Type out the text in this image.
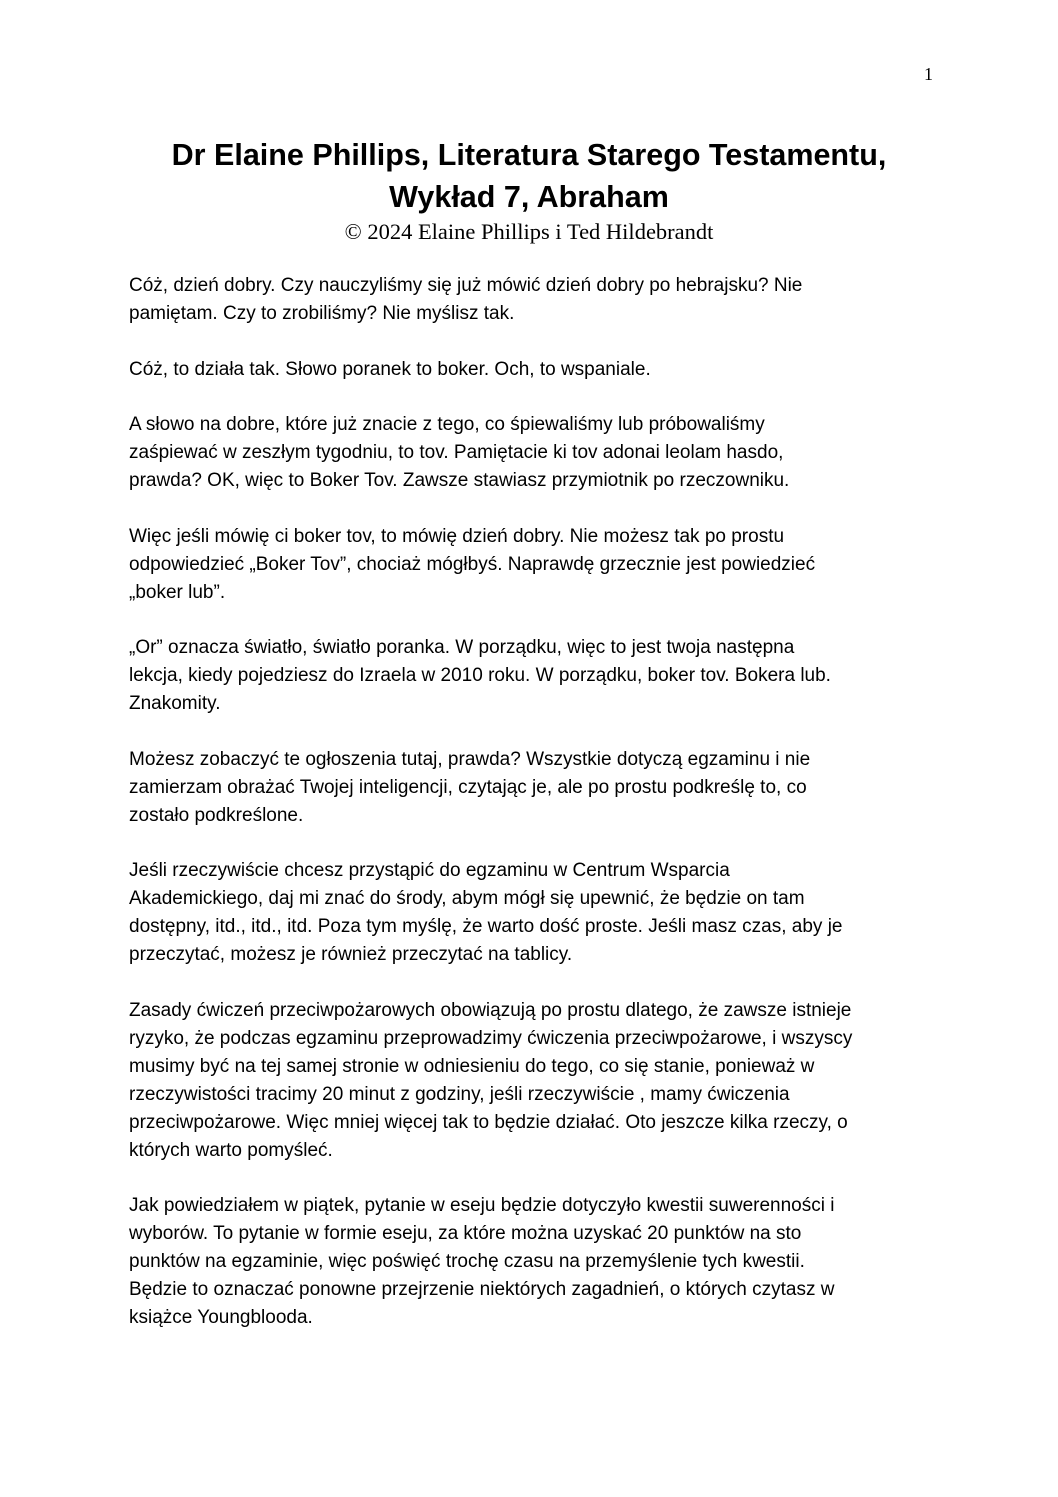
1
Dr Elaine Phillips, Literatura Starego Testamentu,
Wykład 7, Abraham
© 2024 Elaine Phillips i Ted Hildebrandt

Cóż, dzień dobry. Czy nauczyliśmy się już mówić dzień dobry po hebrajsku? Nie
pamiętam. Czy to zrobiliśmy? Nie myślisz tak.

Cóż, to działa tak. Słowo poranek to boker. Och, to wspaniale.

A słowo na dobre, które już znacie z tego, co śpiewaliśmy lub próbowaliśmy
zaśpiewać w zeszłym tygodniu, to tov. Pamiętacie ki tov adonai leolam hasdo,
prawda? OK, więc to Boker Tov. Zawsze stawiasz przymiotnik po rzeczowniku.

Więc jeśli mówię ci boker tov, to mówię dzień dobry. Nie możesz tak po prostu
odpowiedzieć „Boker Tov”, chociaż mógłbyś. Naprawdę grzecznie jest powiedzieć
„boker lub”.

„Or” oznacza światło, światło poranka. W porządku, więc to jest twoja następna
lekcja, kiedy pojedziesz do Izraela w 2010 roku. W porządku, boker tov. Bokera lub.
Znakomity.

Możesz zobaczyć te ogłoszenia tutaj, prawda? Wszystkie dotyczą egzaminu i nie
zamierzam obrażać Twojej inteligencji, czytając je, ale po prostu podkreślę to, co
zostało podkreślone.

Jeśli rzeczywiście chcesz przystąpić do egzaminu w Centrum Wsparcia
Akademickiego, daj mi znać do środy, abym mógł się upewnić, że będzie on tam
dostępny, itd., itd., itd. Poza tym myślę, że warto dość proste. Jeśli masz czas, aby je
przeczytać, możesz je również przeczytać na tablicy.

Zasady ćwiczeń przeciwpożarowych obowiązują po prostu dlatego, że zawsze istnieje
ryzyko, że podczas egzaminu przeprowadzimy ćwiczenia przeciwpożarowe, i wszyscy
musimy być na tej samej stronie w odniesieniu do tego, co się stanie, ponieważ w
rzeczywistości tracimy 20 minut z godziny, jeśli rzeczywiście , mamy ćwiczenia
przeciwpożarowe. Więc mniej więcej tak to będzie działać. Oto jeszcze kilka rzeczy, o
których warto pomyśleć.

Jak powiedziałem w piątek, pytanie w eseju będzie dotyczyło kwestii suwerenności i
wyborów. To pytanie w formie eseju, za które można uzyskać 20 punktów na sto
punktów na egzaminie, więc poświęć trochę czasu na przemyślenie tych kwestii.
Będzie to oznaczać ponowne przejrzenie niektórych zagadnień, o których czytasz w
książce Youngblooda.
